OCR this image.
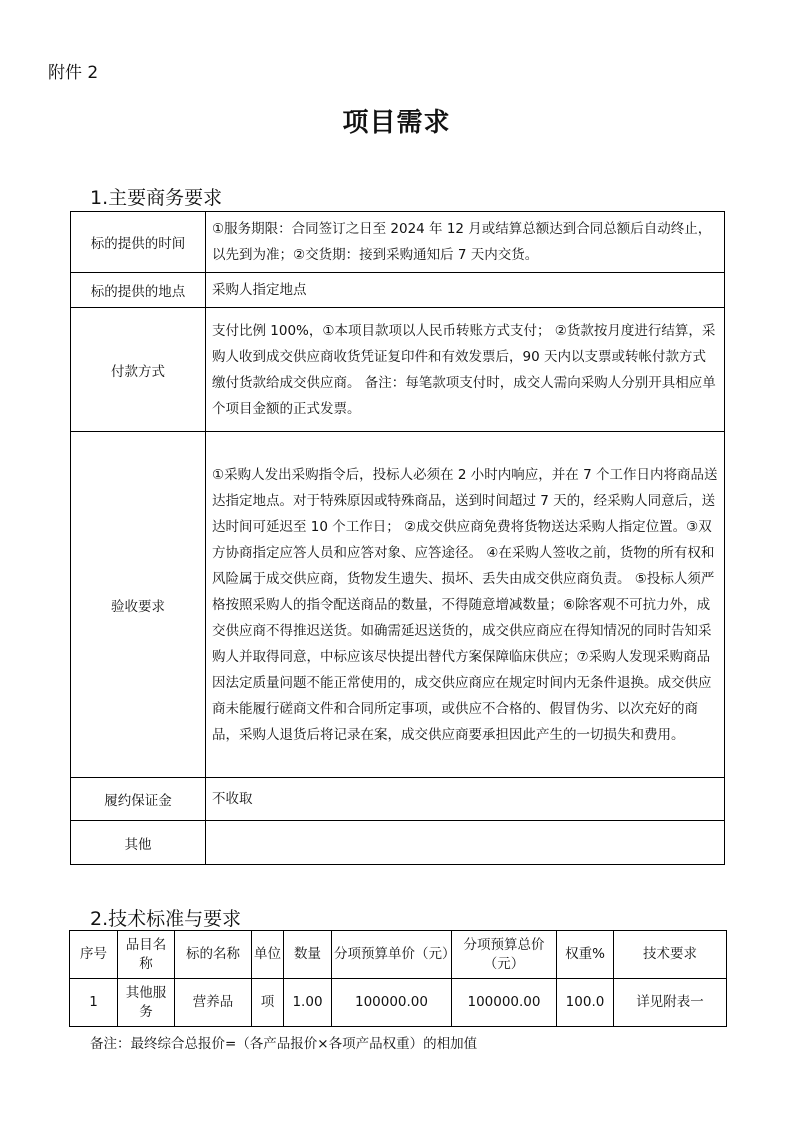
附件 2
项目需求
1.主要商务要求
标的提供的时间	①服务期限：合同签订之日至 2024 年 12 月或结算总额达到合同总额后自动终止，以先到为准；②交货期：接到采购通知后 7 天内交货。
标的提供的地点	采购人指定地点
付款方式	支付比例 100%，①本项目款项以人民币转账方式支付； ②货款按月度进行结算，采购人收到成交供应商收货凭证复印件和有效发票后，90 天内以支票或转帐付款方式缴付货款给成交供应商。 备注：每笔款项支付时，成交人需向采购人分别开具相应单个项目金额的正式发票。
验收要求	①采购人发出采购指令后，投标人必须在 2 小时内响应，并在 7 个工作日内将商品送达指定地点。对于特殊原因或特殊商品，送到时间超过 7 天的，经采购人同意后，送达时间可延迟至 10 个工作日； ②成交供应商免费将货物送达采购人指定位置。③双方协商指定应答人员和应答对象、应答途径。 ④在采购人签收之前，货物的所有权和风险属于成交供应商，货物发生遗失、损坏、丢失由成交供应商负责。 ⑤投标人须严格按照采购人的指令配送商品的数量，不得随意增减数量；⑥除客观不可抗力外，成交供应商不得推迟送货。如确需延迟送货的，成交供应商应在得知情况的同时告知采购人并取得同意，中标应该尽快提出替代方案保障临床供应；⑦采购人发现采购商品因法定质量问题不能正常使用的，成交供应商应在规定时间内无条件退换。成交供应商未能履行磋商文件和合同所定事项，或供应不合格的、假冒伪劣、以次充好的商品，采购人退货后将记录在案，成交供应商要承担因此产生的一切损失和费用。
履约保证金	不收取
其他	
2.技术标准与要求
序号	品目名称	标的名称	单位	数量	分项预算单价（元）	分项预算总价（元）	权重%	技术要求
1	其他服务	营养品	项	1.00	100000.00	100000.00	100.0	详见附表一
备注：最终综合总报价=（各产品报价×各项产品权重）的相加值
